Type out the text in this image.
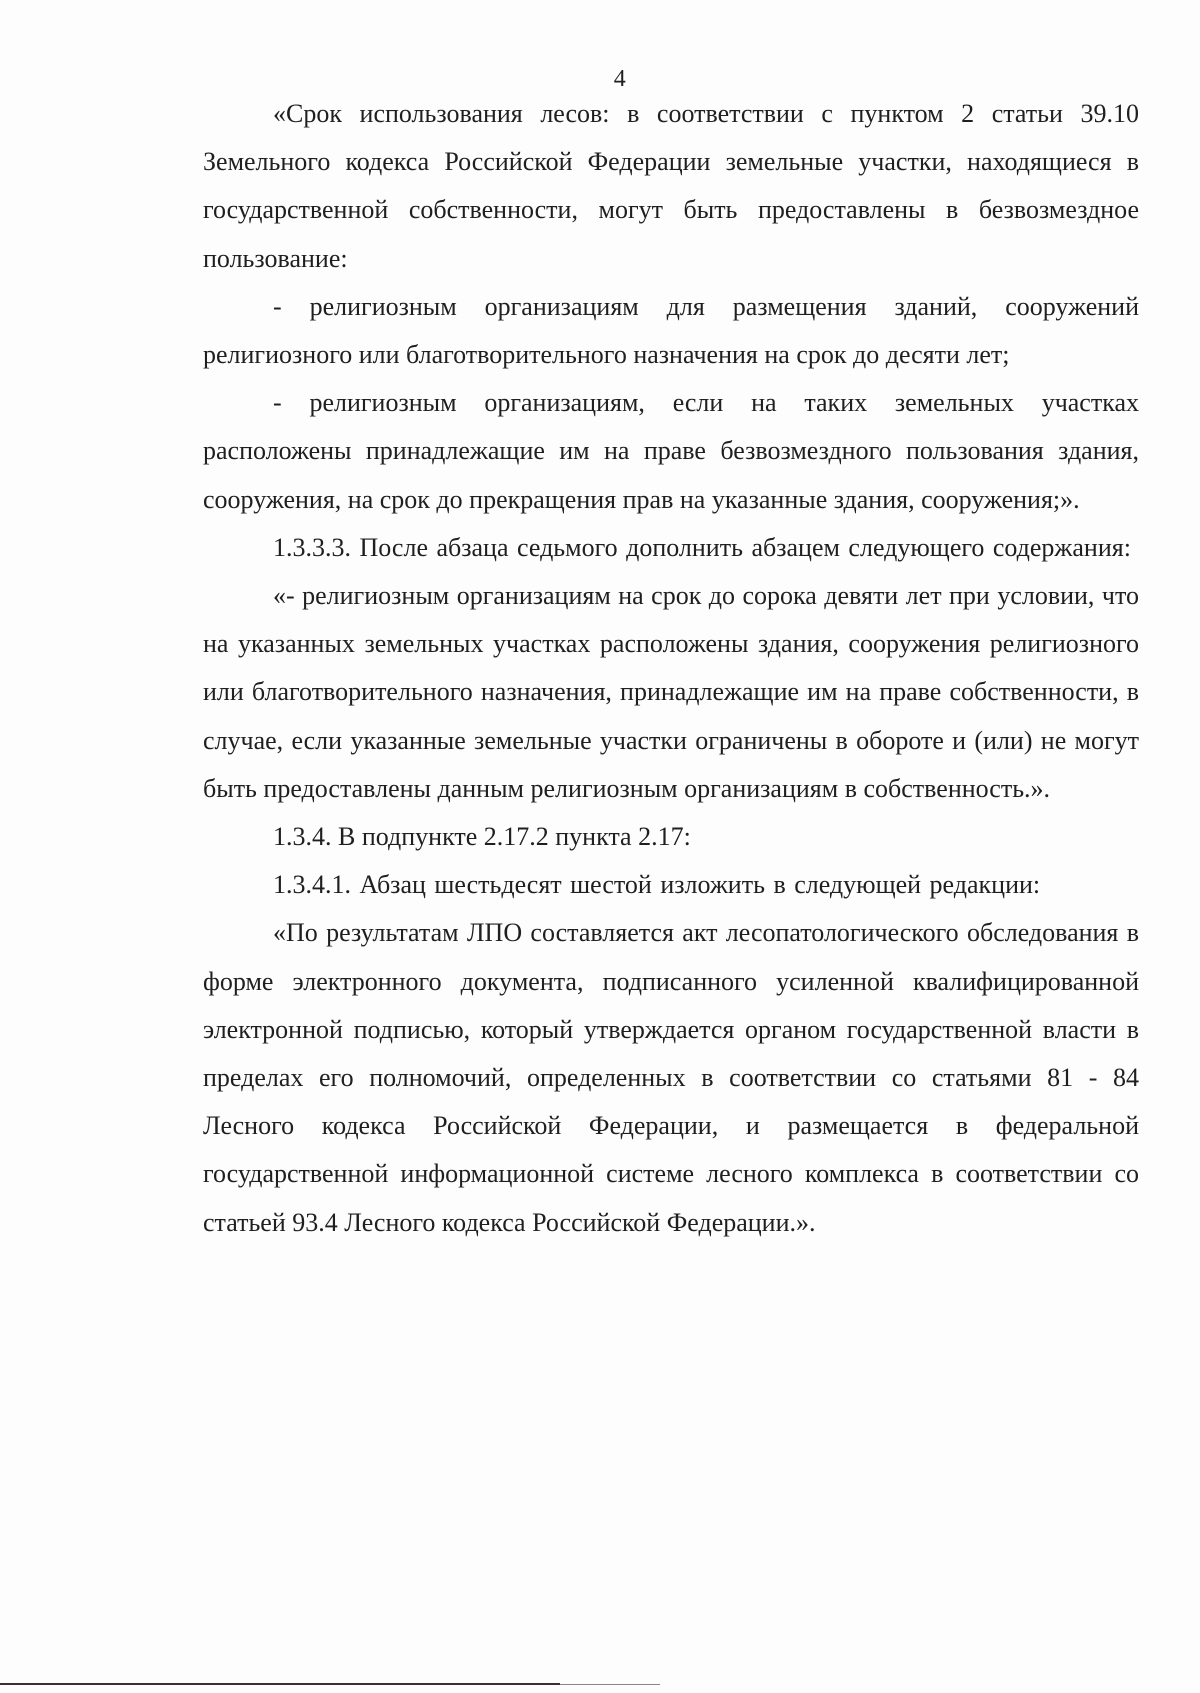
4

«Срок использования лесов: в соответствии с пунктом 2 статьи 39.10 Земельного кодекса Российской Федерации земельные участки, находящиеся в государственной собственности, могут быть предоставлены в безвозмездное пользование:

- религиозным организациям для размещения зданий, сооружений религиозного или благотворительного назначения на срок до десяти лет;

- религиозным организациям, если на таких земельных участках расположены принадлежащие им на праве безвозмездного пользования здания, сооружения, на срок до прекращения прав на указанные здания, сооружения;».

1.3.3.3. После абзаца седьмого дополнить абзацем следующего содержания:

«- религиозным организациям на срок до сорока девяти лет при условии, что на указанных земельных участках расположены здания, сооружения религиозного или благотворительного назначения, принадлежащие им на праве собственности, в случае, если указанные земельные участки ограничены в обороте и (или) не могут быть предоставлены данным религиозным организациям в собственность.».

1.3.4. В подпункте 2.17.2 пункта 2.17:

1.3.4.1. Абзац шестьдесят шестой изложить в следующей редакции:

«По результатам ЛПО составляется акт лесопатологического обследования в форме электронного документа, подписанного усиленной квалифицированной электронной подписью, который утверждается органом государственной власти в пределах его полномочий, определенных в соответствии со статьями 81 - 84 Лесного кодекса Российской Федерации, и размещается в федеральной государственной информационной системе лесного комплекса в соответствии со статьей 93.4 Лесного кодекса Российской Федерации.».
